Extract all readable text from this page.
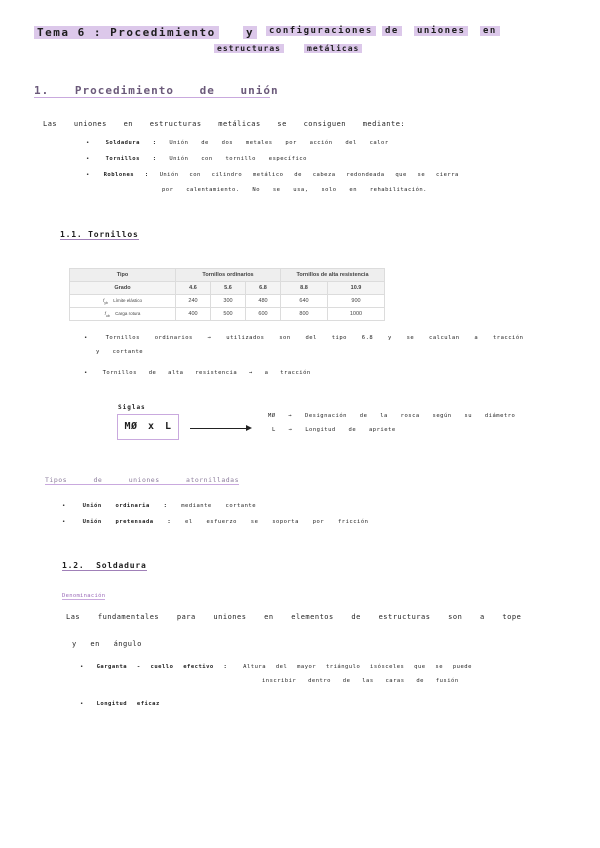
Tema 6 : Procedimiento	y	configuraciones	de	uniones	en
estructuras	metálicas
1. Procedimiento de unión
Las uniones en estructuras metálicas se consiguen mediante:
• Soldadura : Unión de dos metales por acción del calor
• Tornillos : Unión con tornillo específico
• Roblones : Unión con cilindro metálico de cabeza redondeada que se cierra
por calentamiento. No se usa, solo en rehabilitación.
1.1. Tornillos
Tipo	Tornillos ordinarios			Tornillos de alta resistencia	
Grado	4.6	5.6	6.8	8.8	10.9
$f_{yb}$ Límite elástico	240	300	480	640	900
$f_{ub}$ Carga rotura	400	500	600	800	1000
• Tornillos ordinarios → utilizados son del tipo 6.8 y se calculan a tracción
y cortante
• Tornillos de alta resistencia → a tracción
Siglas
MØ x L
MØ → Designación de la rosca según su diámetro
L → Longitud de apriete
Tipos de uniones atornilladas
• Unión ordinaria :	mediante cortante
• Unión pretensada :	el esfuerzo se soporta por fricción
1.2. Soldadura
Denominación
Las fundamentales para uniones en elementos de estructuras son a tope
y en ángulo
• Garganta - cuello efectivo :	Altura del mayor triángulo isósceles que se puede
inscribir dentro de las caras de fusión
• Longitud eficaz
